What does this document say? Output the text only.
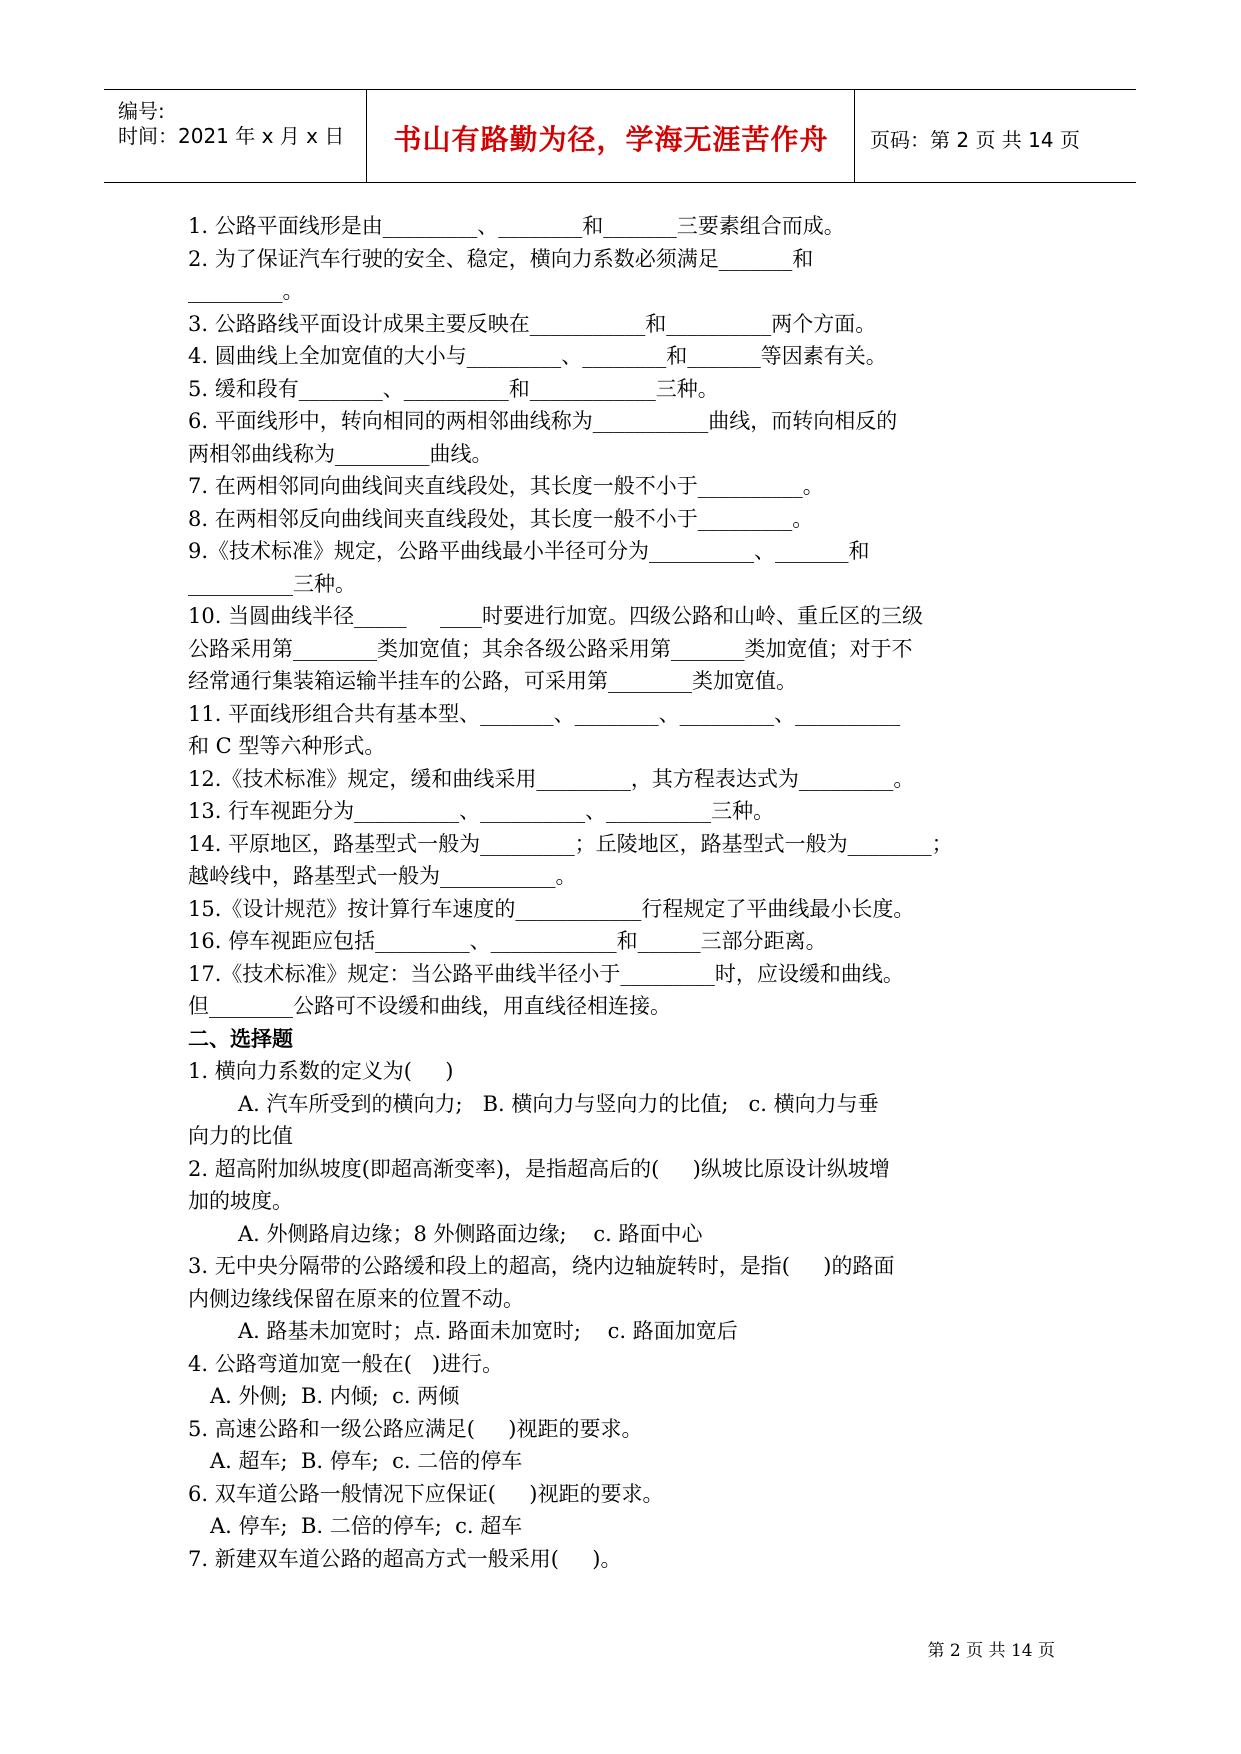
编号:
时间：2021 年 x 月 x 日	书山有路勤为径，学海无涯苦作舟	页码：第 2 页 共 14 页

1. 公路平面线形是由_________、________和_______三要素组合而成。

2. 为了保证汽车行驶的安全、稳定，横向力系数必须满足_______和

_________。

3. 公路路线平面设计成果主要反映在___________和__________两个方面。

4. 圆曲线上全加宽值的大小与_________、________和_______等因素有关。

5. 缓和段有________、__________和____________三种。

6. 平面线形中，转向相同的两相邻曲线称为___________曲线，而转向相反的

两相邻曲线称为_________曲线。

7. 在两相邻同向曲线间夹直线段处，其长度一般不小于__________。

8. 在两相邻反向曲线间夹直线段处，其长度一般不小于_________。

9.《技术标准》规定，公路平曲线最小半径可分为__________、_______和

__________三种。

10. 当圆曲线半径_____     ____时要进行加宽。四级公路和山岭、重丘区的三级

公路采用第________类加宽值；其余各级公路采用第_______类加宽值；对于不

经常通行集装箱运输半挂车的公路，可采用第________类加宽值。

11. 平面线形组合共有基本型、_______、________、_________、__________

和 C 型等六种形式。

12.《技术标准》规定，缓和曲线采用_________，其方程表达式为_________。

13. 行车视距分为__________、__________、__________三种。

14. 平原地区，路基型式一般为_________；丘陵地区，路基型式一般为________；

越岭线中，路基型式一般为___________。

15.《设计规范》按计算行车速度的____________行程规定了平曲线最小长度。

16. 停车视距应包括_________、____________和______三部分距离。

17.《技术标准》规定：当公路平曲线半径小于_________时，应设缓和曲线。

但________公路可不设缓和曲线，用直线径相连接。

二、选择题

1. 横向力系数的定义为(     )

A. 汽车所受到的横向力;   B. 横向力与竖向力的比值;   c. 横向力与垂

向力的比值

2. 超高附加纵坡度(即超高渐变率)，是指超高后的(     )纵坡比原设计纵坡增

加的坡度。

A. 外侧路肩边缘；8 外侧路面边缘;    c. 路面中心

3. 无中央分隔带的公路缓和段上的超高，绕内边轴旋转时，是指(     )的路面

内侧边缘线保留在原来的位置不动。

A. 路基未加宽时；点. 路面未加宽时;    c. 路面加宽后

4. 公路弯道加宽一般在(   )进行。

A. 外侧;  B. 内倾;  c. 两倾

5. 高速公路和一级公路应满足(     )视距的要求。

A. 超车;  B. 停车;  c. 二倍的停车

6. 双车道公路一般情况下应保证(     )视距的要求。

A. 停车;  B. 二倍的停车;  c. 超车

7. 新建双车道公路的超高方式一般采用(     )。

第 2 页 共 14 页
